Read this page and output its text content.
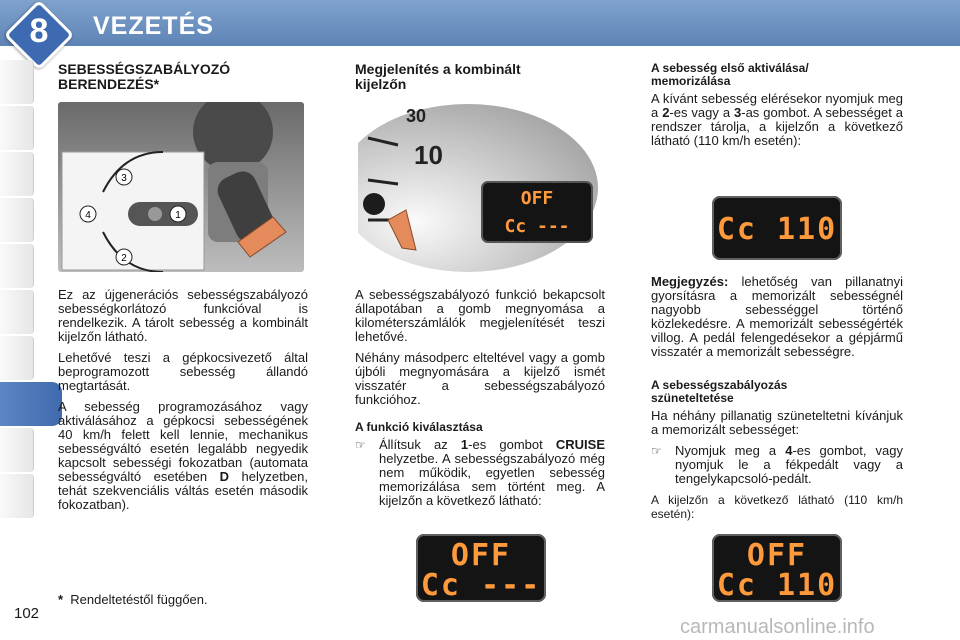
8	VEZETÉS
SEBESSÉGSZABÁLYOZÓ
BERENDEZÉS*
3
4	1
2

Ez az újgenerációs sebességszabályozó sebességkorlátozó funkcióval is rendelkezik. A tárolt sebesség a kombinált kijelzőn látható.

Lehetővé teszi a gépkocsivezető által beprogramozott sebesség állandó megtartását.

A sebesség programozásához vagy aktiválásához a gépkocsi sebességének 40 km/h felett kell lennie, mechanikus sebességváltó esetén legalább negyedik kapcsolt sebességi fokozatban (automata sebességváltó esetében D helyzetben, tehát szekvenciális váltás esetén második fokozatban).

* Rendeltetéstől függően.
Megjelenítés a kombinált
kijelzőn
30
10
OFF
Cc ---

A sebességszabályozó funkció bekapcsolt állapotában a gomb megnyomása a kilométerszámlálók megjelenítését teszi lehetővé.

Néhány másodperc elteltével vagy a gomb újbóli megnyomására a kijelző ismét visszatér a sebességszabályozó funkcióhoz.

A funkció kiválasztása
☞ Állítsuk az 1-es gombot CRUISE helyzetbe. A sebességszabályozó még nem működik, egyetlen sebesség memorizálása sem történt meg. A kijelzőn a következő látható:

OFF
Cc ---
A sebesség első aktiválása/
memorizálása

A kívánt sebesség elérésekor nyomjuk meg a 2-es vagy a 3-as gombot. A sebességet a rendszer tárolja, a kijelzőn a következő látható (110 km/h esetén):

Cc 110

Megjegyzés: lehetőség van pillanatnyi gyorsításra a memorizált sebességnél nagyobb sebességgel történő közlekedésre. A memorizált sebességérték villog. A pedál felengedésekor a gépjármű visszatér a memorizált sebességre.

A sebességszabályozás
szüneteltetése

Ha néhány pillanatig szüneteltetni kívánjuk a memorizált sebességet:

☞ Nyomjuk meg a 4-es gombot, vagy nyomjuk le a fékpedált vagy a tengelykapcsoló-pedált.

A kijelzőn a következő látható (110 km/h esetén):

OFF
Cc 110
102
carmanualsonline.info
